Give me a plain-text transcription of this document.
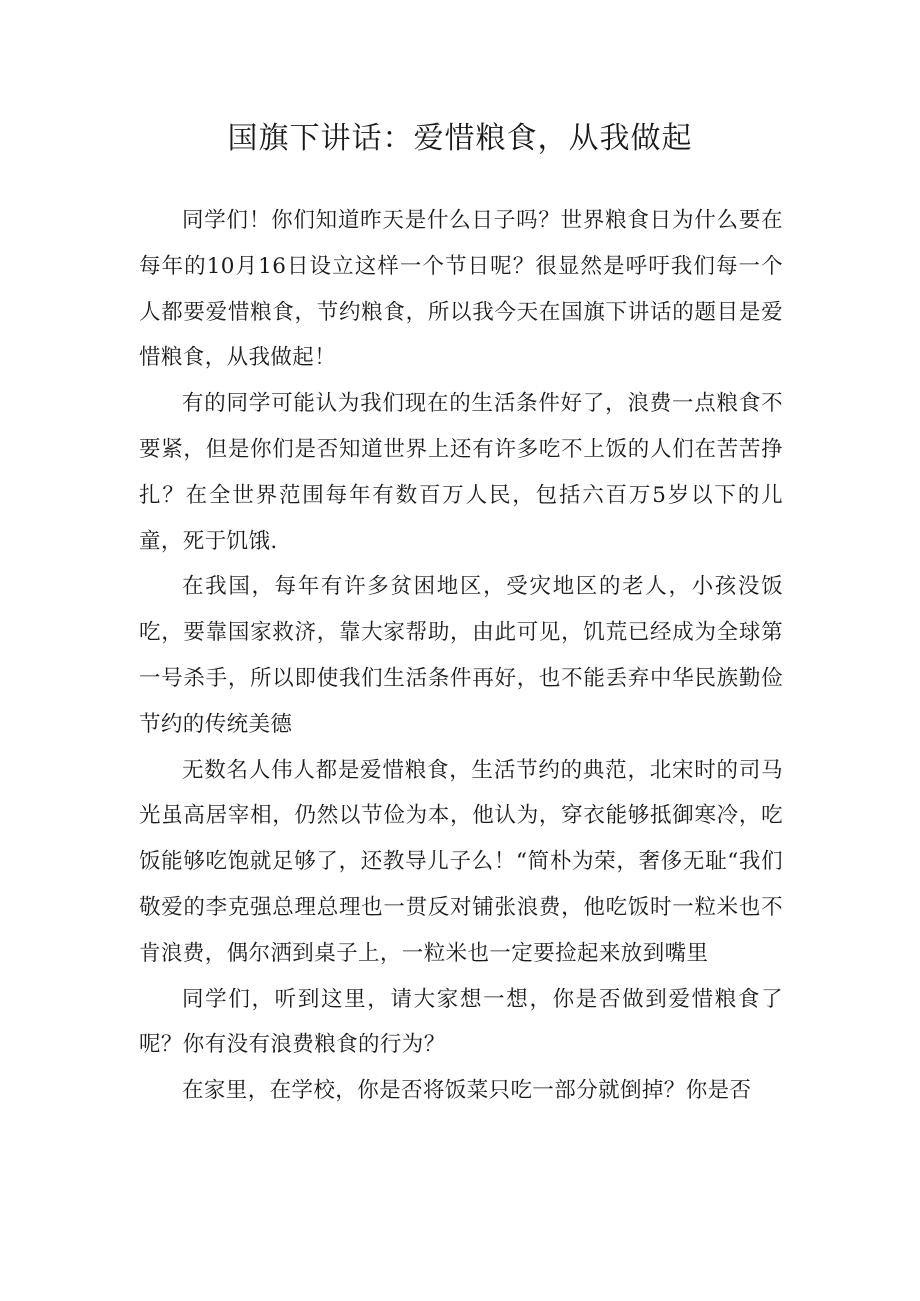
国旗下讲话：爱惜粮食，从我做起

同学们！你们知道昨天是什么日子吗？世界粮食日为什么要在每年的10月16日设立这样一个节日呢？很显然是呼吁我们每一个人都要爱惜粮食，节约粮食，所以我今天在国旗下讲话的题目是爱惜粮食，从我做起！

有的同学可能认为我们现在的生活条件好了，浪费一点粮食不要紧，但是你们是否知道世界上还有许多吃不上饭的人们在苦苦挣扎？在全世界范围每年有数百万人民，包括六百万5岁以下的儿童，死于饥饿.

在我国，每年有许多贫困地区，受灾地区的老人，小孩没饭吃，要靠国家救济，靠大家帮助，由此可见，饥荒已经成为全球第一号杀手，所以即使我们生活条件再好，也不能丢弃中华民族勤俭节约的传统美德

无数名人伟人都是爱惜粮食，生活节约的典范，北宋时的司马光虽高居宰相，仍然以节俭为本，他认为，穿衣能够抵御寒冷，吃饭能够吃饱就足够了，还教导儿子么！“简朴为荣，奢侈无耻“我们敬爱的李克强总理总理也一贯反对铺张浪费，他吃饭时一粒米也不肯浪费，偶尔洒到桌子上，一粒米也一定要捡起来放到嘴里

同学们，听到这里，请大家想一想，你是否做到爱惜粮食了呢？你有没有浪费粮食的行为？

在家里，在学校，你是否将饭菜只吃一部分就倒掉？你是否
